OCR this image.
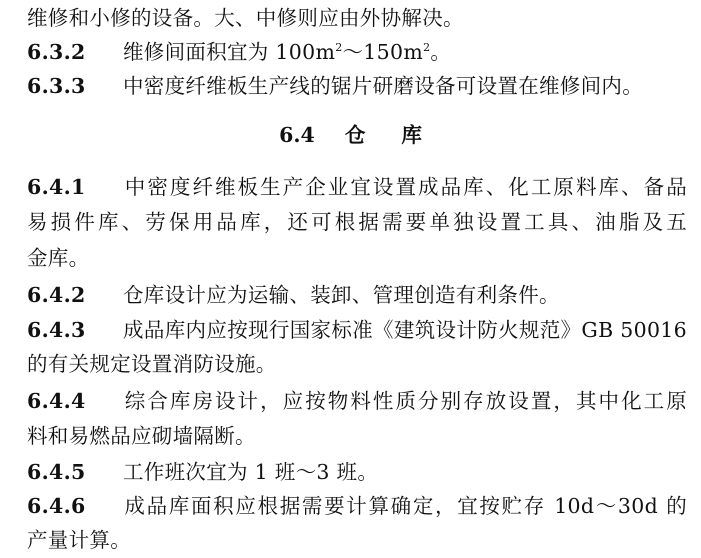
维修和小修的设备。大、中修则应由外协解决。
6.3.2 维修间面积宜为 $100m^2\sim 150m^2$。
6.3.3 中密度纤维板生产线的锯片研磨设备可设置在维修间内。
6.4 仓库
6.4.1 中密度纤维板生产企业宜设置成品库、化工原料库、备品
易损件库、劳保用品库，还可根据需要单独设置工具、油脂及五
金库。
6.4.2 仓库设计应为运输、装卸、管理创造有利条件。
6.4.3 成品库内应按现行国家标准《建筑设计防火规范》GB 50016
的有关规定设置消防设施。
6.4.4 综合库房设计，应按物料性质分别存放设置，其中化工原
料和易燃品应砌墙隔断。
6.4.5 工作班次宜为 1 班～3 班。
6.4.6 成品库面积应根据需要计算确定，宜按贮存 10d～30d 的
产量计算。
